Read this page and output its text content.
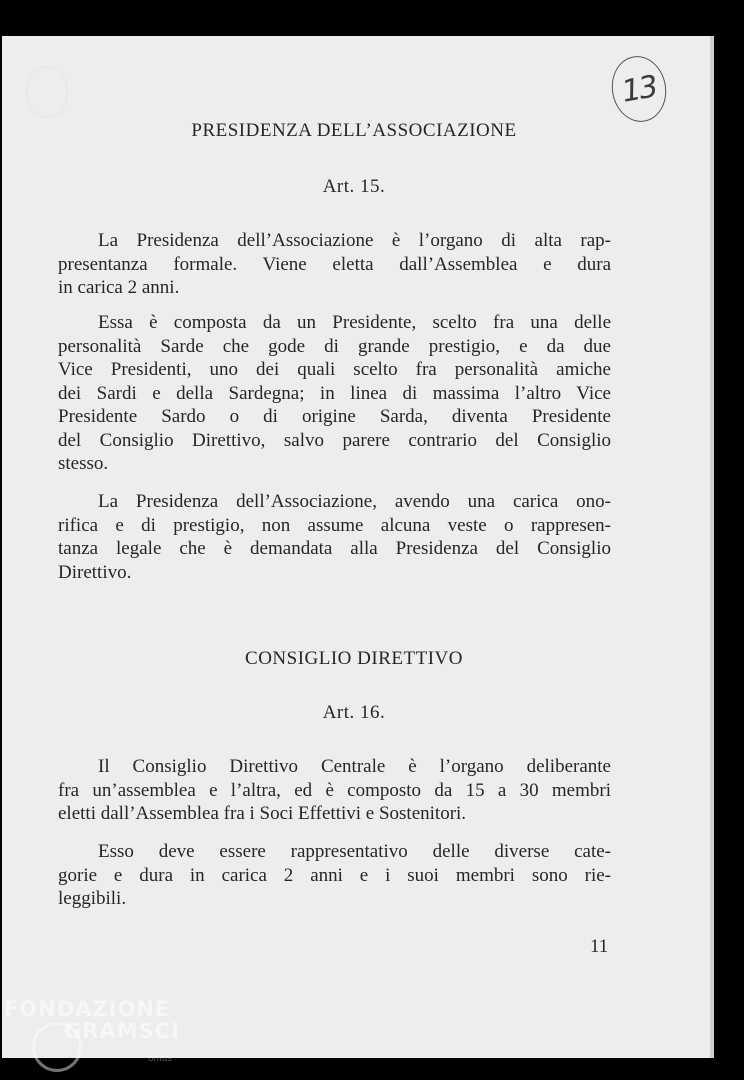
13
PRESIDENZA DELL’ASSOCIAZIONE
Art. 15.
La Presidenza dell’Associazione è l’organo di alta rap-
presentanza formale. Viene eletta dall’Assemblea e dura
in carica 2 anni.
Essa è composta da un Presidente, scelto fra una delle
personalità Sarde che gode di grande prestigio, e da due
Vice Presidenti, uno dei quali scelto fra personalità amiche
dei Sardi e della Sardegna; in linea di massima l’altro Vice
Presidente Sardo o di origine Sarda, diventa Presidente
del Consiglio Direttivo, salvo parere contrario del Consiglio
stesso.
La Presidenza dell’Associazione, avendo una carica ono-
rifica e di prestigio, non assume alcuna veste o rappresen-
tanza legale che è demandata alla Presidenza del Consiglio
Direttivo.
CONSIGLIO DIRETTIVO
Art. 16.
Il Consiglio Direttivo Centrale è l’organo deliberante
fra un’assemblea e l’altra, ed è composto da 15 a 30 membri
eletti dall’Assemblea fra i Soci Effettivi e Sostenitori.
Esso deve essere rappresentativo delle diverse cate-
gorie e dura in carica 2 anni e i suoi membri sono rie-
leggibili.
11
FONDAZIONE
GRAMSCI
onlus
